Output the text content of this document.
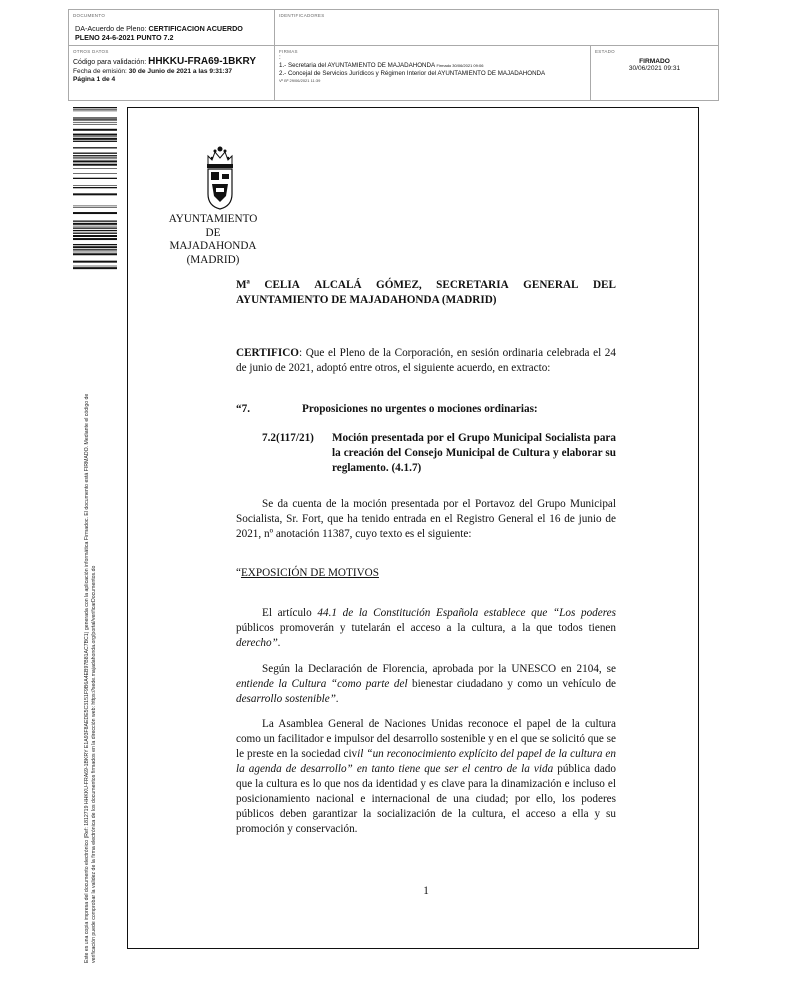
DOCUMENTO
DA-Acuerdo de Pleno: CERTIFICACION ACUERDO
PLENO 24-6-2021 PUNTO 7.2
IDENTIFICADORES
OTROS DATOS
Código para validación: HHKKU-FRA69-1BKRY
Fecha de emisión: 30 de Junio de 2021 a las 9:31:37
Página 1 de 4
FIRMAS
:
1.- Secretaria del AYUNTAMIENTO DE MAJADAHONDA Firmado 30/06/2021 09:06
2.- Concejal de Servicios Jurídicos y Régimen Interior del AYUNTAMIENTO DE MAJADAHONDA
Vº Bº 29/06/2021 11:39
ESTADO
FIRMADO
30/06/2021 09:31
Este es una copia impresa del documento electrónico (Ref: 1812719 HHKKU-FRA69-1BKRY E1A93F8AEDE5C3151F9B6A4EB97B81AC7BC1) generada con la aplicación informática Firmadoc. El documento está FIRMADO. Mediante el código de verificación puede comprobar la validez de la firma electrónica de los documentos firmados en la dirección web: https://sede.majadahonda.org/portal/verificarDocumentos.do
AYUNTAMIENTO DE
MAJADAHONDA
(MADRID)
Mª CELIA ALCALÁ GÓMEZ, SECRETARIA GENERAL DEL
AYUNTAMIENTO DE MAJADAHONDA (MADRID)
CERTIFICO: Que el Pleno de la Corporación, en sesión ordinaria celebrada el 24 de junio de 2021, adoptó entre otros, el siguiente acuerdo, en extracto:
“7.	Proposiciones no urgentes o mociones ordinarias:
7.2(117/21)	Moción presentada por el Grupo Municipal Socialista para la creación del Consejo Municipal de Cultura y elaborar su reglamento. (4.1.7)
Se da cuenta de la moción presentada por el Portavoz del Grupo Municipal Socialista, Sr. Fort, que ha tenido entrada en el Registro General el 16 de junio de 2021, nº anotación 11387, cuyo texto es el siguiente:
“EXPOSICIÓN DE MOTIVOS
El artículo 44.1 de la Constitución Española establece que “Los poderes públicos promoverán y tutelarán el acceso a la cultura, a la que todos tienen derecho”.
Según la Declaración de Florencia, aprobada por la UNESCO en 2104, se entiende la Cultura “como parte del bienestar ciudadano y como un vehículo de desarrollo sostenible”.
La Asamblea General de Naciones Unidas reconoce el papel de la cultura como un facilitador e impulsor del desarrollo sostenible y en el que se solicitó que se le preste en la sociedad civil “un reconocimiento explícito del papel de la cultura en la agenda de desarrollo” en tanto tiene que ser el centro de la vida pública dado que la cultura es lo que nos da identidad y es clave para la dinamización e incluso el posicionamiento nacional e internacional de una ciudad; por ello, los poderes públicos deben garantizar la socialización de la cultura, el acceso a ella y su promoción y conservación.
1
